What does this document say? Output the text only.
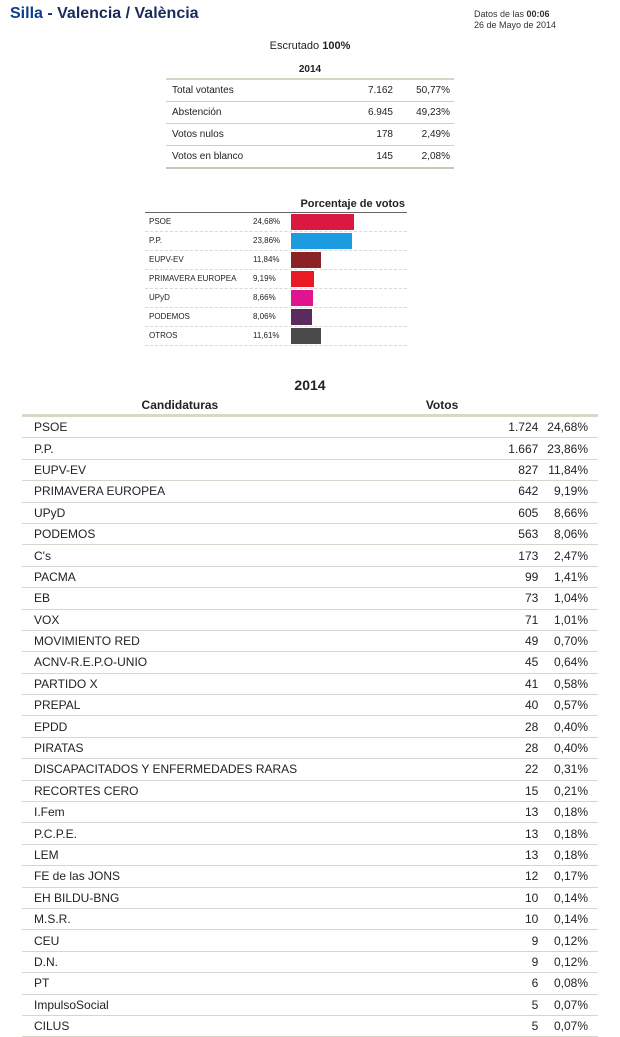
Silla - Valencia / València	Datos de las 00:06
26 de Mayo de 2014
Escrutado 100%
2014		
Total votantes	7.162	50,77%
Abstención	6.945	49,23%
Votos nulos	178	2,49%
Votos en blanco	145	2,08%
Porcentaje de votos
PSOE	24,68%
P.P.	23,86%
EUPV-EV	11,84%
PRIMAVERA EUROPEA 9,19%
UPyD	8,66%
PODEMOS	8,06%
OTROS	11,61%
2014
Candidaturas	Votos	
PSOE	1.724	24,68%
P.P.	1.667	23,86%
EUPV-EV	827	11,84%
PRIMAVERA EUROPEA	642	9,19%
UPyD	605	8,66%
PODEMOS	563	8,06%
C's	173	2,47%
PACMA	99	1,41%
EB	73	1,04%
VOX	71	1,01%
MOVIMIENTO RED	49	0,70%
ACNV-R.E.P.O-UNIO	45	0,64%
PARTIDO X	41	0,58%
PREPAL	40	0,57%
EPDD	28	0,40%
PIRATAS	28	0,40%
DISCAPACITADOS Y ENFERMEDADES RARAS	22	0,31%
RECORTES CERO	15	0,21%
I.Fem	13	0,18%
P.C.P.E.	13	0,18%
LEM	13	0,18%
FE de las JONS	12	0,17%
EH BILDU-BNG	10	0,14%
M.S.R.	10	0,14%
CEU	9	0,12%
D.N.	9	0,12%
PT	6	0,08%
ImpulsoSocial	5	0,07%
CILUS	5	0,07%
